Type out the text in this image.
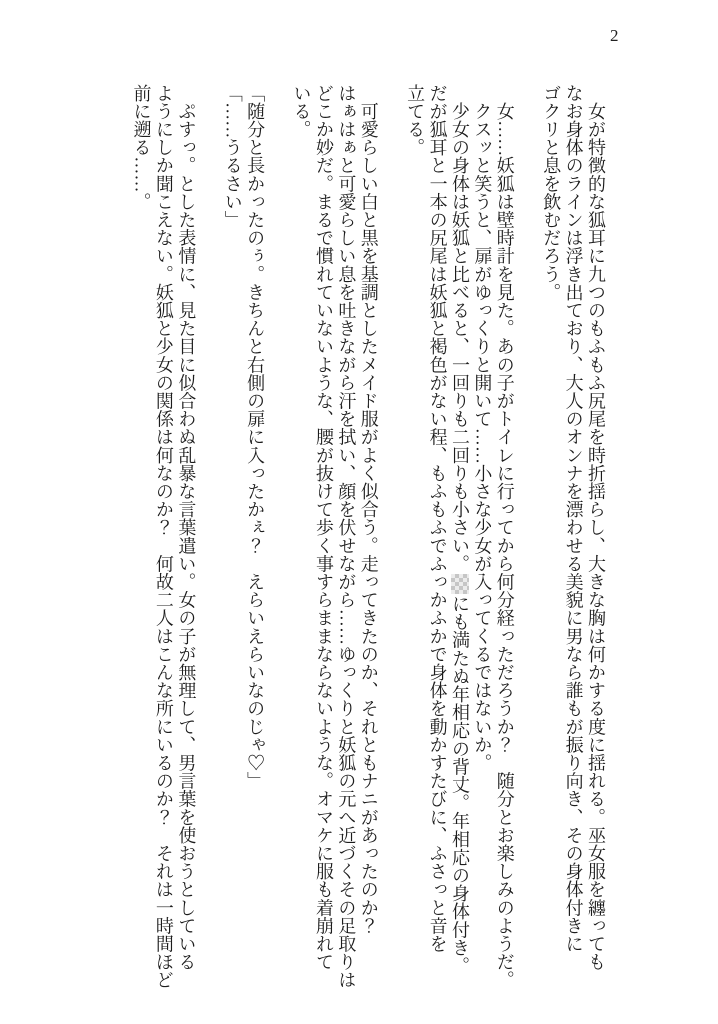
2
　女が特徴的な狐耳に九つのもふもふ尻尾を時折揺らし、大きな胸は何かする度に揺れる。巫女服を纏っても
なお身体のラインは浮き出ており、大人のオンナを漂わせる美貌に男なら誰もが振り向き、その身体付きに
ゴクリと息を飲むだろう。
　女……妖狐は壁時計を見た。あの子がトイレに行ってから何分経っただろうか？　随分とお楽しみのようだ。
　クスッと笑うと、扉がゆっくりと開いて……小さな少女が入ってくるではないか。
　少女の身体は妖狐と比べると、一回りも二回りも小さい。にも満たぬ年相応の背丈。年相応の身体付き。
だが狐耳と一本の尻尾は妖狐と褐色がない程、もふもふでふっかふかで身体を動かすたびに、ふさっと音を
立てる。
　可愛らしい白と黒を基調としたメイド服がよく似合う。走ってきたのか、それともナニがあったのか？
はぁはぁと可愛らしい息を吐きながら汗を拭い、顔を伏せながら……ゆっくりと妖狐の元へ近づくその足取りは
どこか妙だ。まるで慣れていないような、腰が抜けて歩く事すらままならないような。オマケに服も着崩れて
いる。
「随分と長かったのぅ。きちんと右側の扉に入ったかぇ？　えらいえらいなのじゃ♡」
「……うるさい」
　ぷすっ。とした表情に、見た目に似合わぬ乱暴な言葉遣い。女の子が無理して、男言葉を使おうとしている
ようにしか聞こえない。妖狐と少女の関係は何なのか？　何故二人はこんな所にいるのか？　それは一時間ほど
前に遡る……。
